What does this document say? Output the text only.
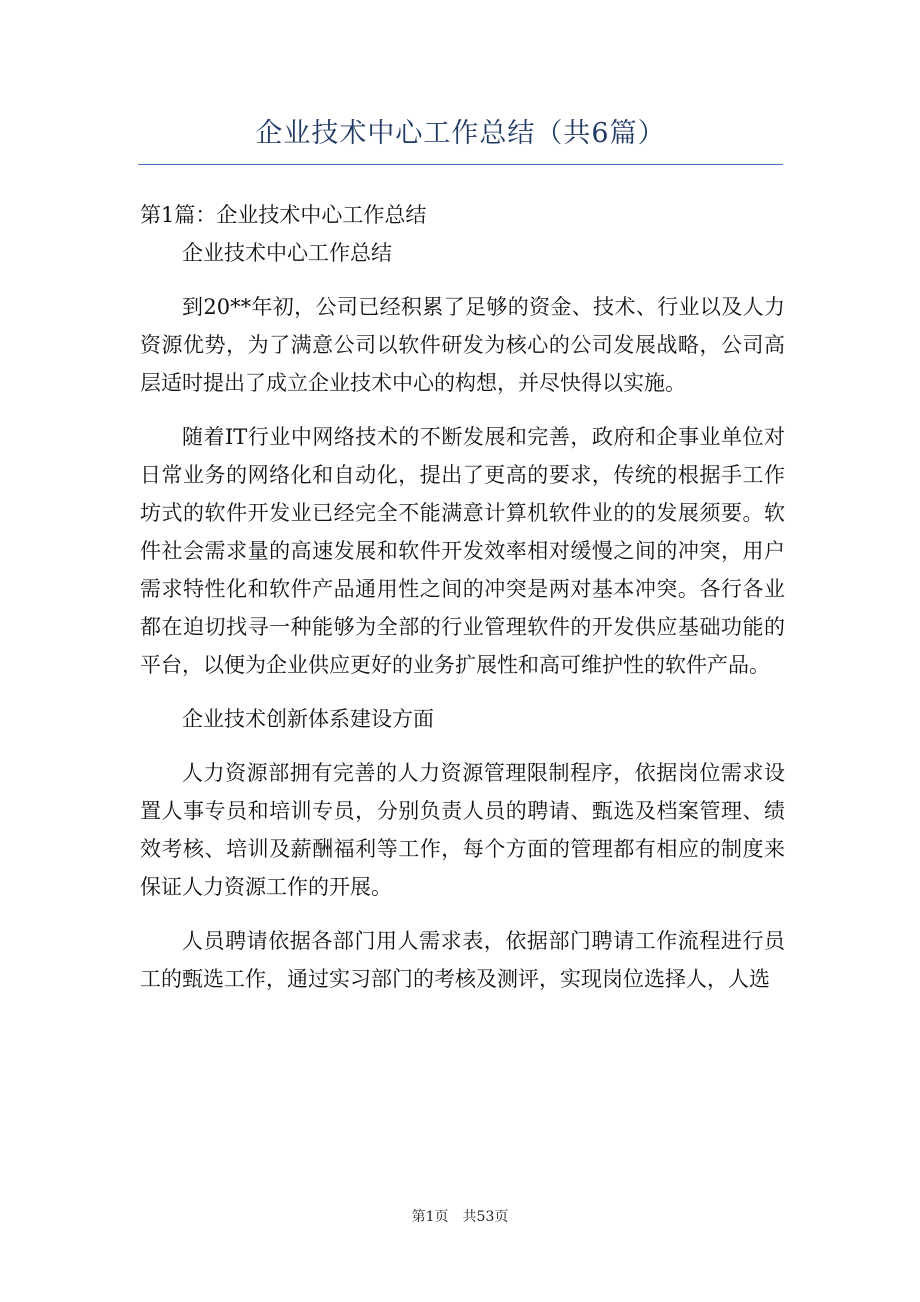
企业技术中心工作总结（共6篇）

第1篇：企业技术中心工作总结

企业技术中心工作总结

到20**年初，公司已经积累了足够的资金、技术、行业以及人力资源优势，为了满意公司以软件研发为核心的公司发展战略，公司高层适时提出了成立企业技术中心的构想，并尽快得以实施。

随着IT行业中网络技术的不断发展和完善，政府和企事业单位对日常业务的网络化和自动化，提出了更高的要求，传统的根据手工作坊式的软件开发业已经完全不能满意计算机软件业的的发展须要。软件社会需求量的高速发展和软件开发效率相对缓慢之间的冲突，用户需求特性化和软件产品通用性之间的冲突是两对基本冲突。各行各业都在迫切找寻一种能够为全部的行业管理软件的开发供应基础功能的平台，以便为企业供应更好的业务扩展性和高可维护性的软件产品。

企业技术创新体系建设方面

人力资源部拥有完善的人力资源管理限制程序，依据岗位需求设置人事专员和培训专员，分别负责人员的聘请、甄选及档案管理、绩效考核、培训及薪酬福利等工作，每个方面的管理都有相应的制度来保证人力资源工作的开展。

人员聘请依据各部门用人需求表，依据部门聘请工作流程进行员工的甄选工作，通过实习部门的考核及测评，实现岗位选择人，人选

第1页 共53页
